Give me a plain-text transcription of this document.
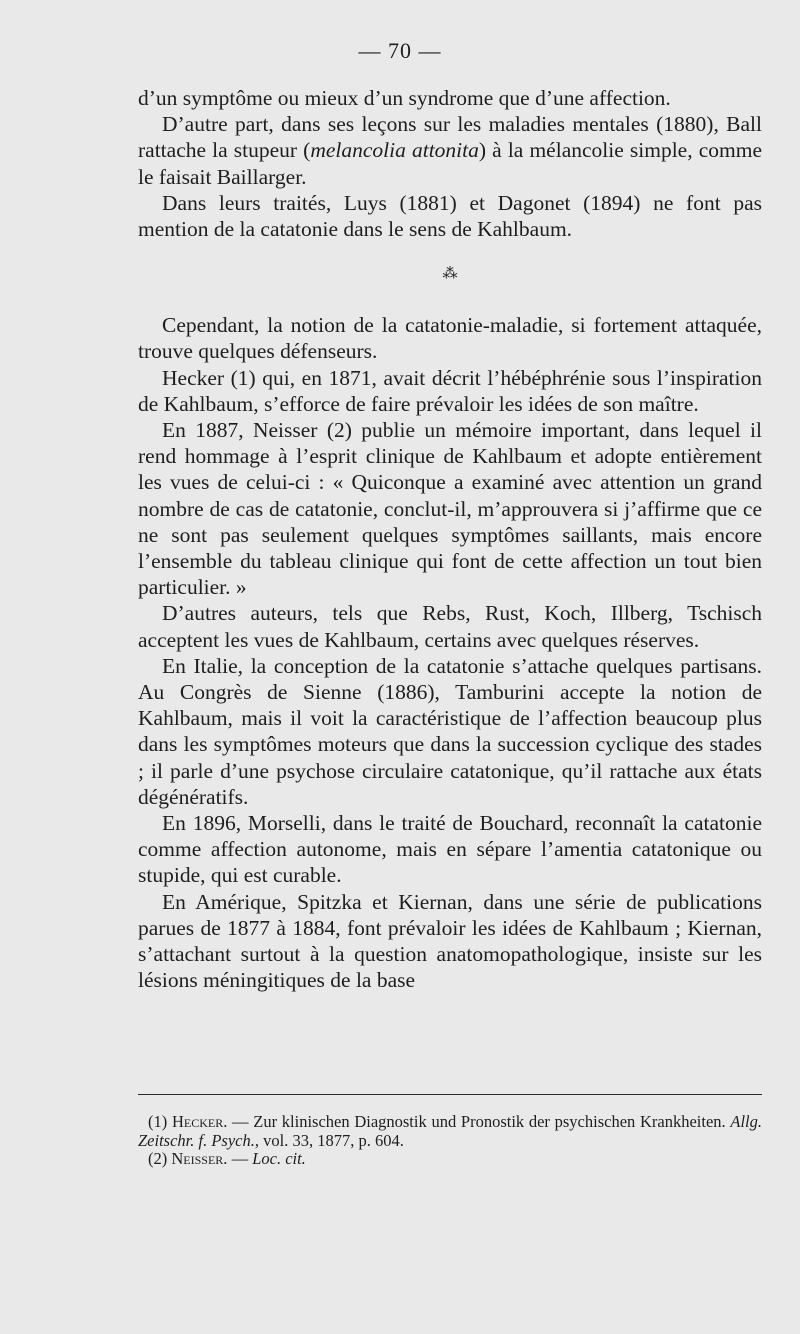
— 70 —

d’un symptôme ou mieux d’un syndrome que d’une affection.

D’autre part, dans ses leçons sur les maladies mentales (1880), Ball rattache la stupeur (melancolia attonita) à la mélancolie simple, comme le faisait Baillarger.

Dans leurs traités, Luys (1881) et Dagonet (1894) ne font pas mention de la catatonie dans le sens de Kahlbaum.

⁂

Cependant, la notion de la catatonie-maladie, si fortement attaquée, trouve quelques défenseurs.

Hecker (1) qui, en 1871, avait décrit l’hébéphrénie sous l’inspiration de Kahlbaum, s’efforce de faire prévaloir les idées de son maître.

En 1887, Neisser (2) publie un mémoire important, dans lequel il rend hommage à l’esprit clinique de Kahlbaum et adopte entièrement les vues de celui-ci : « Quiconque a examiné avec attention un grand nombre de cas de catatonie, conclut-il, m’approuvera si j’affirme que ce ne sont pas seulement quelques symptômes saillants, mais encore l’ensemble du tableau clinique qui font de cette affection un tout bien particulier. »

D’autres auteurs, tels que Rebs, Rust, Koch, Illberg, Tschisch acceptent les vues de Kahlbaum, certains avec quelques réserves.

En Italie, la conception de la catatonie s’attache quelques partisans. Au Congrès de Sienne (1886), Tamburini accepte la notion de Kahlbaum, mais il voit la caractéristique de l’affection beaucoup plus dans les symptômes moteurs que dans la succession cyclique des stades ; il parle d’une psychose circulaire catatonique, qu’il rattache aux états dégénératifs.

En 1896, Morselli, dans le traité de Bouchard, reconnaît la catatonie comme affection autonome, mais en sépare l’amentia catatonique ou stupide, qui est curable.

En Amérique, Spitzka et Kiernan, dans une série de publications parues de 1877 à 1884, font prévaloir les idées de Kahlbaum ; Kiernan, s’attachant surtout à la question anatomopathologique, insiste sur les lésions méningitiques de la base

(1) Hecker. — Zur klinischen Diagnostik und Pronostik der psychischen Krankheiten. Allg. Zeitschr. f. Psych., vol. 33, 1877, p. 604.

(2) Neisser. — Loc. cit.
